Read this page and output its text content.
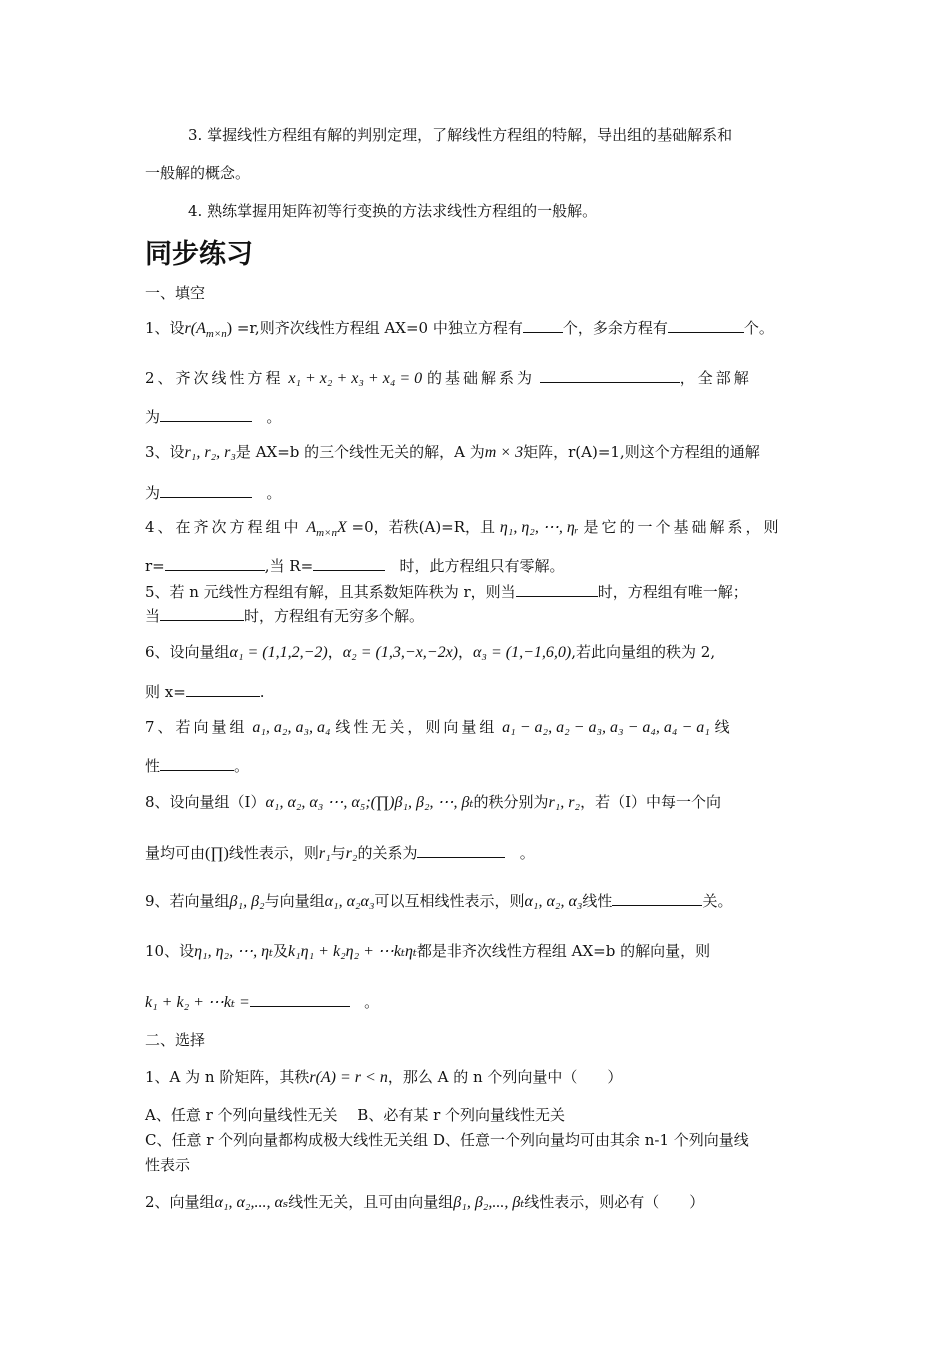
3. 掌握线性方程组有解的判别定理，了解线性方程组的特解，导出组的基础解系和
一般解的概念。
4. 熟练掌握用矩阵初等行变换的方法求线性方程组的一般解。
同步练习
一、填空
1、设$r(A_{m\times n}) =r$,则齐次线性方程组 AX=0 中独立方程有	个，多余方程有	个。
2、齐次线性方程 x₁ + x₂ + x₃ + x₄ = 0 的基础解系为	，全部解
为	。
3、设r₁, r₂, r₃是 AX=b 的三个线性无关的解，A 为m × 3矩阵，r(A)=1,则这个方程组的通解
为	。
4、在齐次方程组中 $A_{m\times n}X =0$，若秩(A)=R，且 η₁, η₂, ⋯, ηᵣ 是它的一个基础解系，则
r=	,当 R=	时，此方程组只有零解。
5、若 n 元线性方程组有解，且其系数矩阵秩为 r，则当	时，方程组有唯一解；
当	时，方程组有无穷多个解。
6、设向量组α₁ = (1,1,2,−2)，α₂ = (1,3,−x,−2x)，α₃ = (1,−1,6,0),若此向量组的秩为 2,
则 x=	.
7、若向量组 a₁, a₂, a₃, a₄ 线性无关，则向量组 a₁ − a₂, a₂ − a₃, a₃ − a₄, a₄ − a₁ 线
性	。
8、设向量组（I）α₁, α₂, α₃ ⋯, α₅;(∏)β₁, β₂, ⋯, βₜ的秩分别为r₁, r₂，若（I）中每一个向
量均可由(∏)线性表示，则r₁与r₂的关系为	。
9、若向量组β₁, β₂与向量组α₁, α₂α₃可以互相线性表示，则α₁, α₂, α₃线性	关。
10、设η₁, η₂, ⋯, ηₜ及k₁η₁ + k₂η₂ + ⋯kₜηₜ都是非齐次线性方程组 AX=b 的解向量，则
k₁ + k₂ + ⋯kₜ =	。
二、选择
1、A 为 n 阶矩阵，其秩r(A) = r < n，那么 A 的 n 个列向量中（　　）
A、任意 r 个列向量线性无关　 B、必有某 r 个列向量线性无关
C、任意 r 个列向量都构成极大线性无关组 D、任意一个列向量均可由其余 n-1 个列向量线
性表示
2、向量组α₁, α₂,..., αₛ线性无关，且可由向量组β₁, β₂,..., βₜ线性表示，则必有（　　）
